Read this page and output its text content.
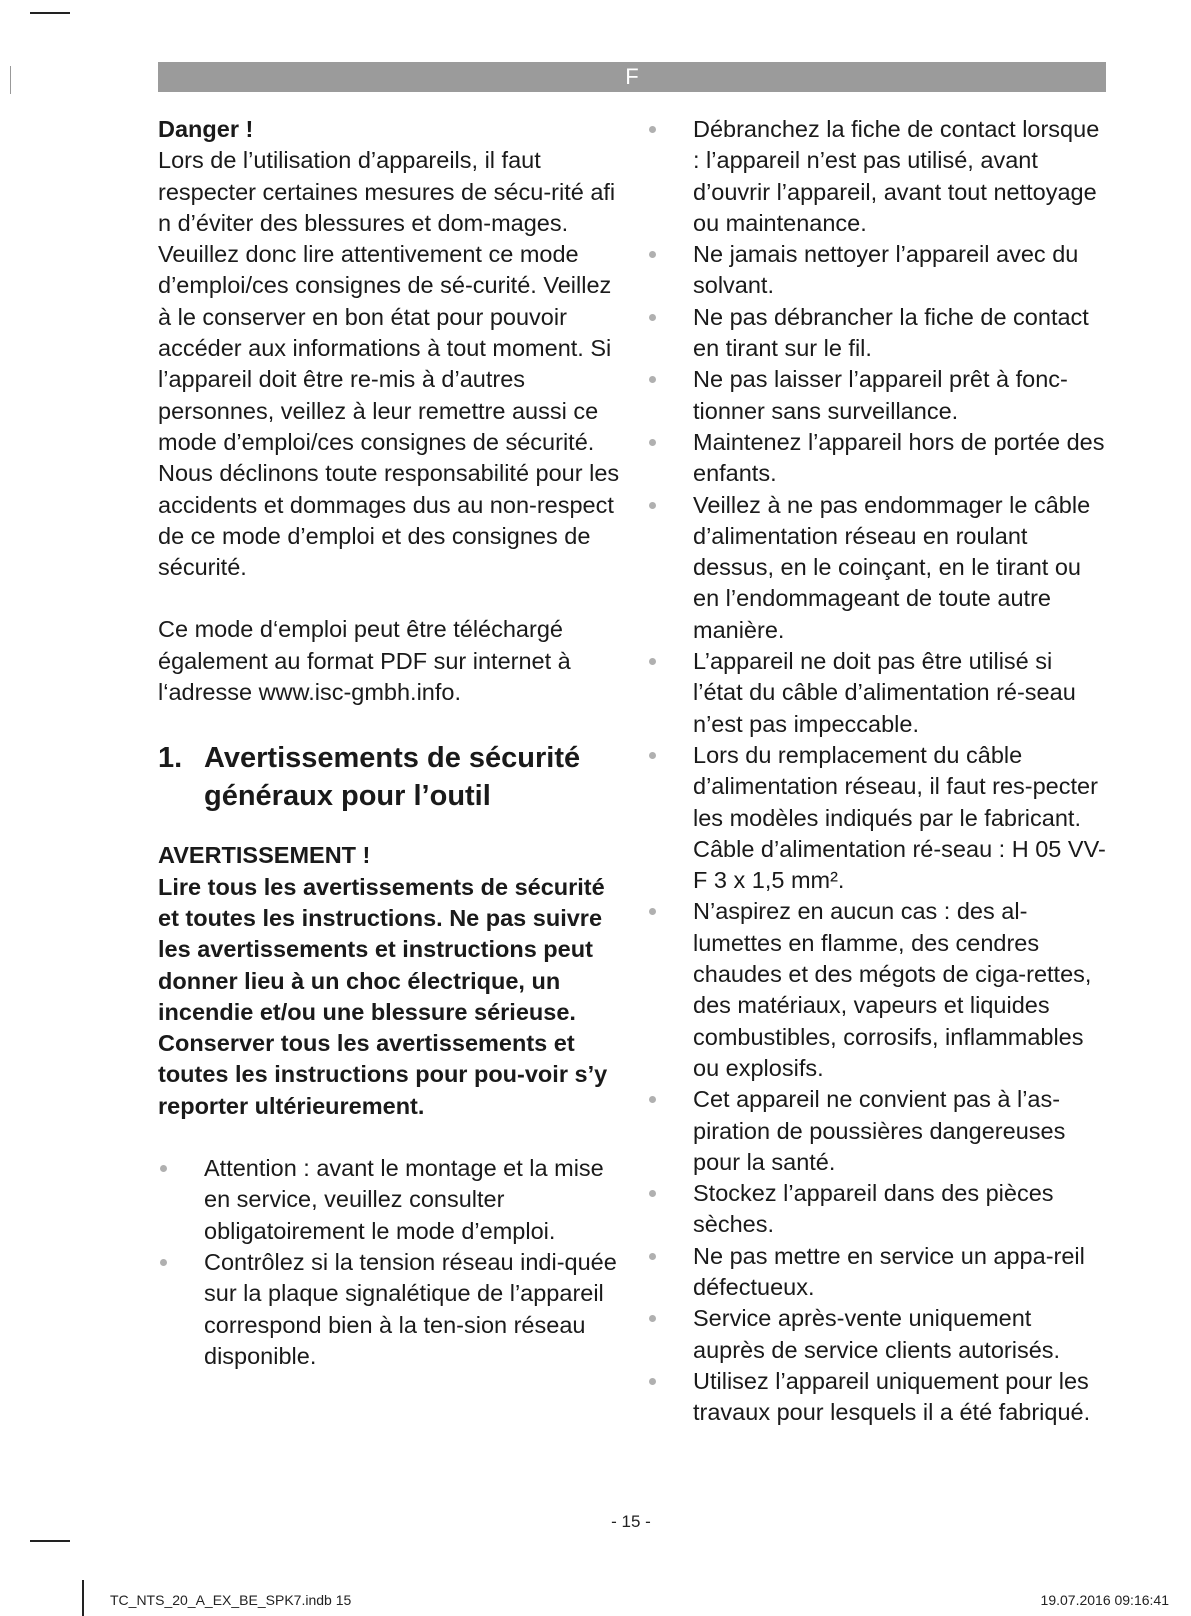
F

Danger !

Lors de l’utilisation d’appareils, il faut respecter certaines mesures de sécu-rité afi n d’éviter des blessures et dom-mages. Veuillez donc lire attentivement ce mode d’emploi/ces consignes de sé-curité. Veillez à le conserver en bon état pour pouvoir accéder aux informations à tout moment. Si l’appareil doit être re-mis à d’autres personnes, veillez à leur remettre aussi ce mode d’emploi/ces consignes de sécurité. Nous déclinons toute responsabilité pour les accidents et dommages dus au non-respect de ce mode d’emploi et des consignes de sécurité.

Ce mode d‘emploi peut être téléchargé également au format PDF sur internet à l‘adresse www.isc-gmbh.info.

1. Avertissements de sécurité généraux pour l’outil

AVERTISSEMENT !

Lire tous les avertissements de sécurité et toutes les instructions. Ne pas suivre les avertissements et instructions peut donner lieu à un choc électrique, un incendie et/ou une blessure sérieuse.

Conserver tous les avertissements et toutes les instructions pour pou-voir s’y reporter ultérieurement.

Attention : avant le montage et la mise en service, veuillez consulter obligatoirement le mode d’emploi.
Contrôlez si la tension réseau indi-quée sur la plaque signalétique de l’appareil correspond bien à la ten-sion réseau disponible.
Débranchez la fiche de contact lorsque : l’appareil n’est pas utilisé, avant d’ouvrir l’appareil, avant tout nettoyage ou maintenance.
Ne jamais nettoyer l’appareil avec du solvant.
Ne pas débrancher la fiche de contact en tirant sur le fil.
Ne pas laisser l’appareil prêt à fonc-tionner sans surveillance.
Maintenez l’appareil hors de portée des enfants.
Veillez à ne pas endommager le câble d’alimentation réseau en roulant dessus, en le coinçant, en le tirant ou en l’endommageant de toute autre manière.
L’appareil ne doit pas être utilisé si l’état du câble d’alimentation ré-seau n’est pas impeccable.
Lors du remplacement du câble d’alimentation réseau, il faut res-pecter les modèles indiqués par le fabricant. Câble d’alimentation ré-seau : H 05 VV-F 3 x 1,5 mm².
N’aspirez en aucun cas : des al-lumettes en flamme, des cendres chaudes et des mégots de ciga-rettes, des matériaux, vapeurs et liquides combustibles, corrosifs, inflammables ou explosifs.
Cet appareil ne convient pas à l’as-piration de poussières dangereuses pour la santé.
Stockez l’appareil dans des pièces sèches.
Ne pas mettre en service un appa-reil défectueux.
Service après-vente uniquement auprès de service clients autorisés.
Utilisez l’appareil uniquement pour les travaux pour lesquels il a été fabriqué.
- 15 -
TC_NTS_20_A_EX_BE_SPK7.indb 15	19.07.2016 09:16:41
